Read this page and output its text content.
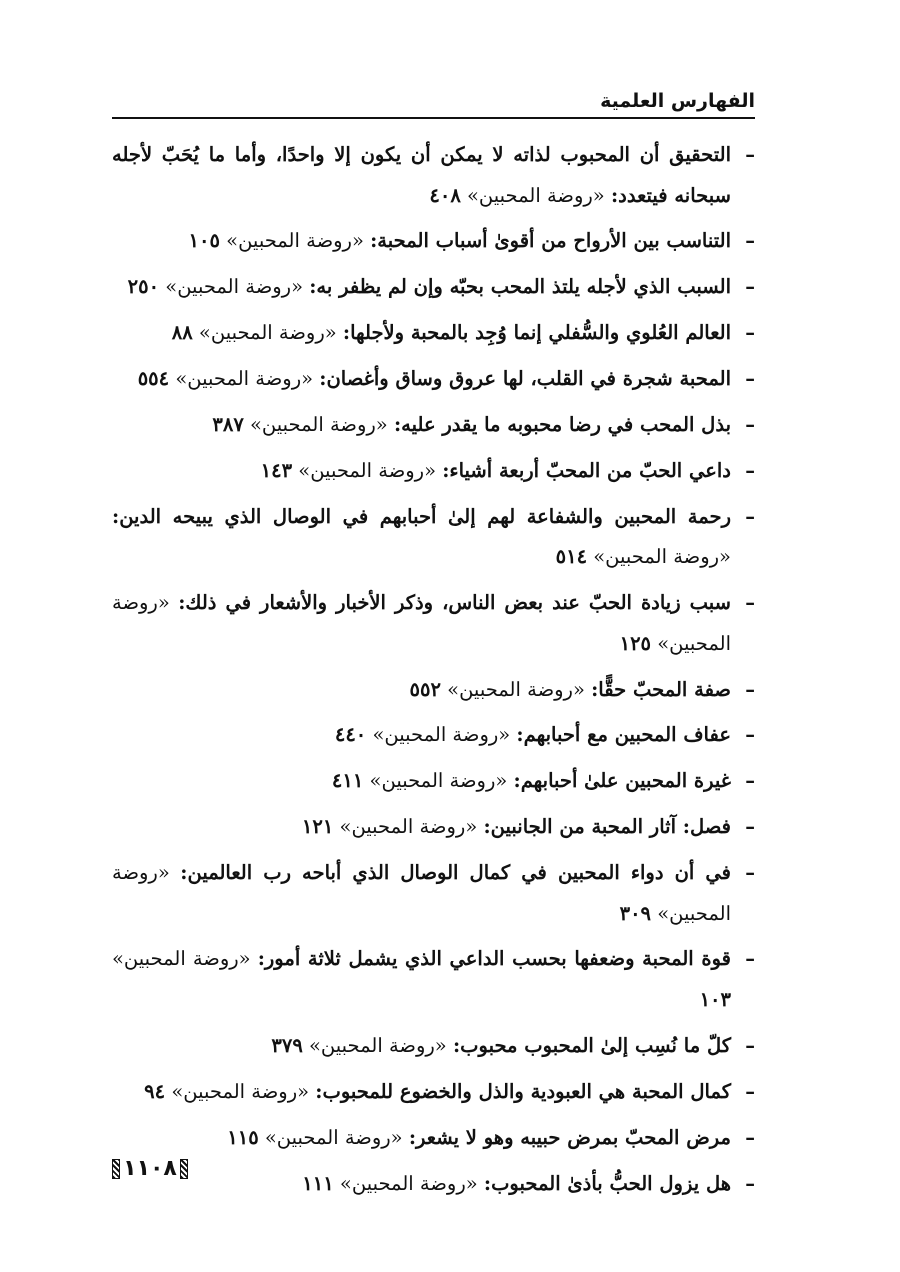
الفهارس العلمية
– التحقيق أن المحبوب لذاته لا يمكن أن يكون إلا واحدًا، وأما ما يُحَبّ لأجله سبحانه فيتعدد: «روضة المحبين» ٤٠٨
– التناسب بين الأرواح من أقوىٰ أسباب المحبة: «روضة المحبين» ١٠٥
– السبب الذي لأجله يلتذ المحب بحبّه وإن لم يظفر به: «روضة المحبين» ٢٥٠
– العالم العُلوي والسُّفلي إنما وُجِد بالمحبة ولأجلها: «روضة المحبين» ٨٨
– المحبة شجرة في القلب، لها عروق وساق وأغصان: «روضة المحبين» ٥٥٤
– بذل المحب في رضا محبوبه ما يقدر عليه: «روضة المحبين» ٣٨٧
– داعي الحبّ من المحبّ أربعة أشياء: «روضة المحبين» ١٤٣
– رحمة المحبين والشفاعة لهم إلىٰ أحبابهم في الوصال الذي يبيحه الدين: «روضة المحبين» ٥١٤
– سبب زيادة الحبّ عند بعض الناس، وذكر الأخبار والأشعار في ذلك: «روضة المحبين» ١٢٥
– صفة المحبّ حقًّا: «روضة المحبين» ٥٥٢
– عفاف المحبين مع أحبابهم: «روضة المحبين» ٤٤٠
– غيرة المحبين علىٰ أحبابهم: «روضة المحبين» ٤١١
– فصل: آثار المحبة من الجانبين: «روضة المحبين» ١٢١
– في أن دواء المحبين في كمال الوصال الذي أباحه رب العالمين: «روضة المحبين» ٣٠٩
– قوة المحبة وضعفها بحسب الداعي الذي يشمل ثلاثة أمور: «روضة المحبين» ١٠٣
– كلّ ما نُسِب إلىٰ المحبوب محبوب: «روضة المحبين» ٣٧٩
– كمال المحبة هي العبودية والذل والخضوع للمحبوب: «روضة المحبين» ٩٤
– مرض المحبّ بمرض حبيبه وهو لا يشعر: «روضة المحبين» ١١٥
– هل يزول الحبُّ بأذىٰ المحبوب: «روضة المحبين» ١١١
١١٠٨
